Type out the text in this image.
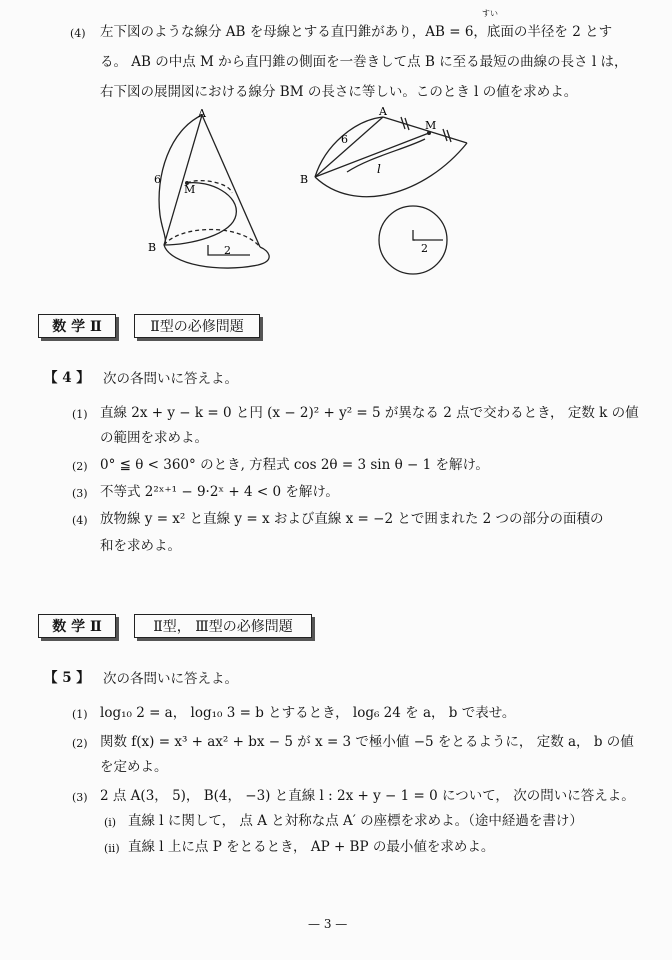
(4) 左下図のような線分 AB を母線とする直円錐があり，AB = 6，底面の半径を 2 とす
すい
る。 AB の中点 M から直円錐の側面を一巻きして点 B に至る最短の曲線の長さ l は，
右下図の展開図における線分 BM の長さに等しい。このとき l の値を求めよ。
A
B
M
6
2
A
B
M
6
l
2
数 学 Ⅱ	Ⅱ型の必修問題
【 4 】 次の各問いに答えよ。
(1) 直線 2x + y − k = 0 と円 (x − 2)² + y² = 5 が異なる 2 点で交わるとき， 定数 k の値
の範囲を求めよ。
(2) 0° ≦ θ < 360° のとき, 方程式 cos 2θ = 3 sin θ − 1 を解け。
(3) 不等式 2²ˣ⁺¹ − 9·2ˣ + 4 < 0 を解け。
(4) 放物線 y = x² と直線 y = x および直線 x = −2 とで囲まれた 2 つの部分の面積の
和を求めよ。
数 学 Ⅱ	Ⅱ型， Ⅲ型の必修問題
【 5 】 次の各問いに答えよ。
(1) log₁₀ 2 = a， log₁₀ 3 = b とするとき， log₆ 24 を a， b で表せ。
(2) 関数 f(x) = x³ + ax² + bx − 5 が x = 3 で極小値 −5 をとるように， 定数 a， b の値
を定めよ。
(3) 2 点 A(3， 5)， B(4， −3) と直線 l : 2x + y − 1 = 0 について， 次の問いに答えよ。
(i) 直線 l に関して， 点 A と対称な点 A′ の座標を求めよ。（途中経過を書け）
(ii) 直線 l 上に点 P をとるとき， AP + BP の最小値を求めよ。
— 3 —
